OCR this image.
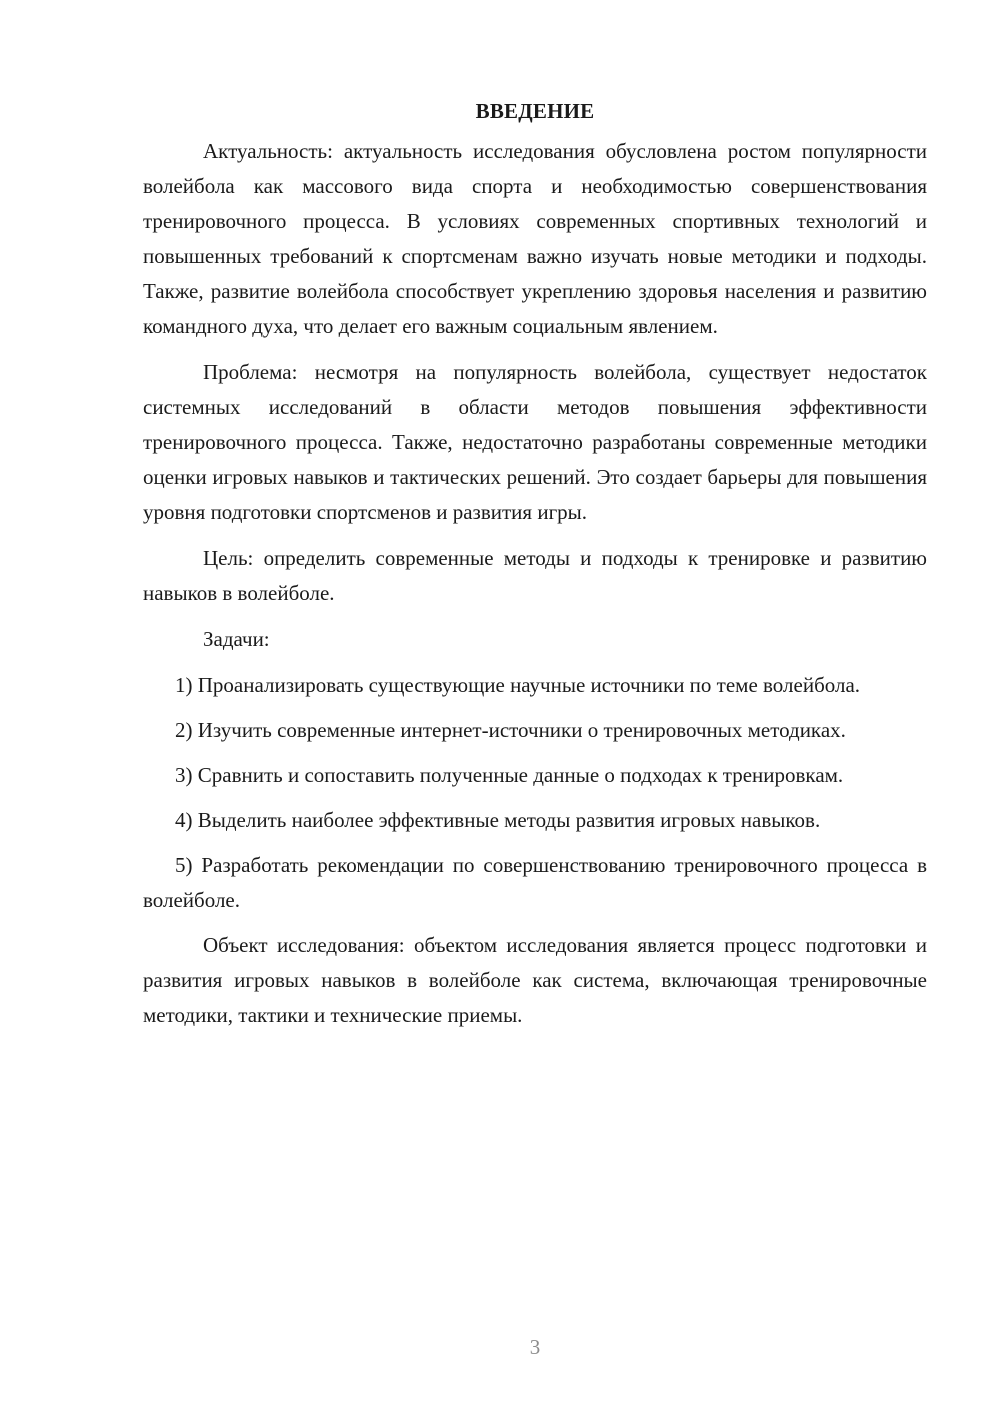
ВВЕДЕНИЕ

Актуальность: актуальность исследования обусловлена ростом популярности волейбола как массового вида спорта и необходимостью совершенствования тренировочного процесса. В условиях современных спортивных технологий и повышенных требований к спортсменам важно изучать новые методики и подходы. Также, развитие волейбола способствует укреплению здоровья населения и развитию командного духа, что делает его важным социальным явлением.

Проблема: несмотря на популярность волейбола, существует недостаток системных исследований в области методов повышения эффективности тренировочного процесса. Также, недостаточно разработаны современные методики оценки игровых навыков и тактических решений. Это создает барьеры для повышения уровня подготовки спортсменов и развития игры.

Цель: определить современные методы и подходы к тренировке и развитию навыков в волейболе.

Задачи:

1) Проанализировать существующие научные источники по теме волейбола.

2) Изучить современные интернет-источники о тренировочных методиках.

3) Сравнить и сопоставить полученные данные о подходах к тренировкам.

4) Выделить наиболее эффективные методы развития игровых навыков.

5) Разработать рекомендации по совершенствованию тренировочного процесса в волейболе.

Объект исследования: объектом исследования является процесс подготовки и развития игровых навыков в волейболе как система, включающая тренировочные методики, тактики и технические приемы.

3
